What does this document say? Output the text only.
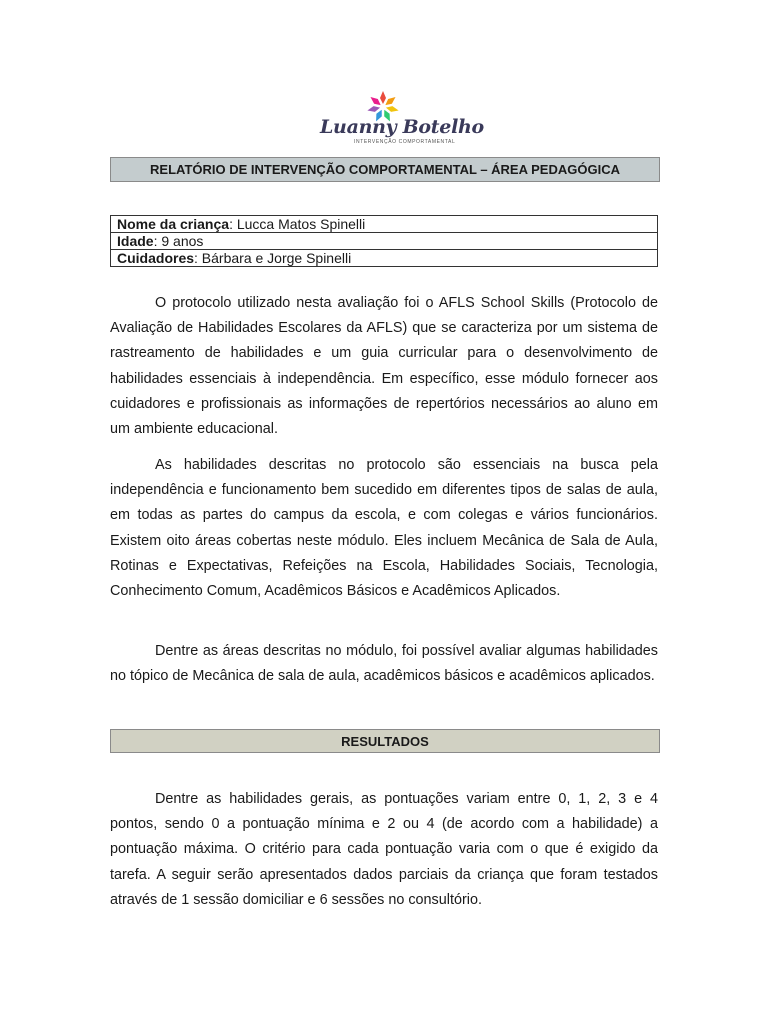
Luanny Botelho
INTERVENÇÃO COMPORTAMENTAL
RELATÓRIO DE INTERVENÇÃO COMPORTAMENTAL – ÁREA PEDAGÓGICA
Nome da criança: Lucca Matos Spinelli
Idade: 9 anos
Cuidadores: Bárbara e Jorge Spinelli

O protocolo utilizado nesta avaliação foi o AFLS School Skills (Protocolo de Avaliação de Habilidades Escolares da AFLS) que se caracteriza por um sistema de rastreamento de habilidades e um guia curricular para o desenvolvimento de habilidades essenciais à independência. Em específico, esse módulo fornecer aos cuidadores e profissionais as informações de repertórios necessários ao aluno em um ambiente educacional.

As habilidades descritas no protocolo são essenciais na busca pela independência e funcionamento bem sucedido em diferentes tipos de salas de aula, em todas as partes do campus da escola, e com colegas e vários funcionários. Existem oito áreas cobertas neste módulo. Eles incluem Mecânica de Sala de Aula, Rotinas e Expectativas, Refeições na Escola, Habilidades Sociais, Tecnologia, Conhecimento Comum, Acadêmicos Básicos e Acadêmicos Aplicados.

Dentre as áreas descritas no módulo, foi possível avaliar algumas habilidades no tópico de Mecânica de sala de aula, acadêmicos básicos e acadêmicos aplicados.

RESULTADOS

Dentre as habilidades gerais, as pontuações variam entre 0, 1, 2, 3 e 4 pontos, sendo 0 a pontuação mínima e 2 ou 4 (de acordo com a habilidade) a pontuação máxima. O critério para cada pontuação varia com o que é exigido da tarefa. A seguir serão apresentados dados parciais da criança que foram testados através de 1 sessão domiciliar e 6 sessões no consultório.
